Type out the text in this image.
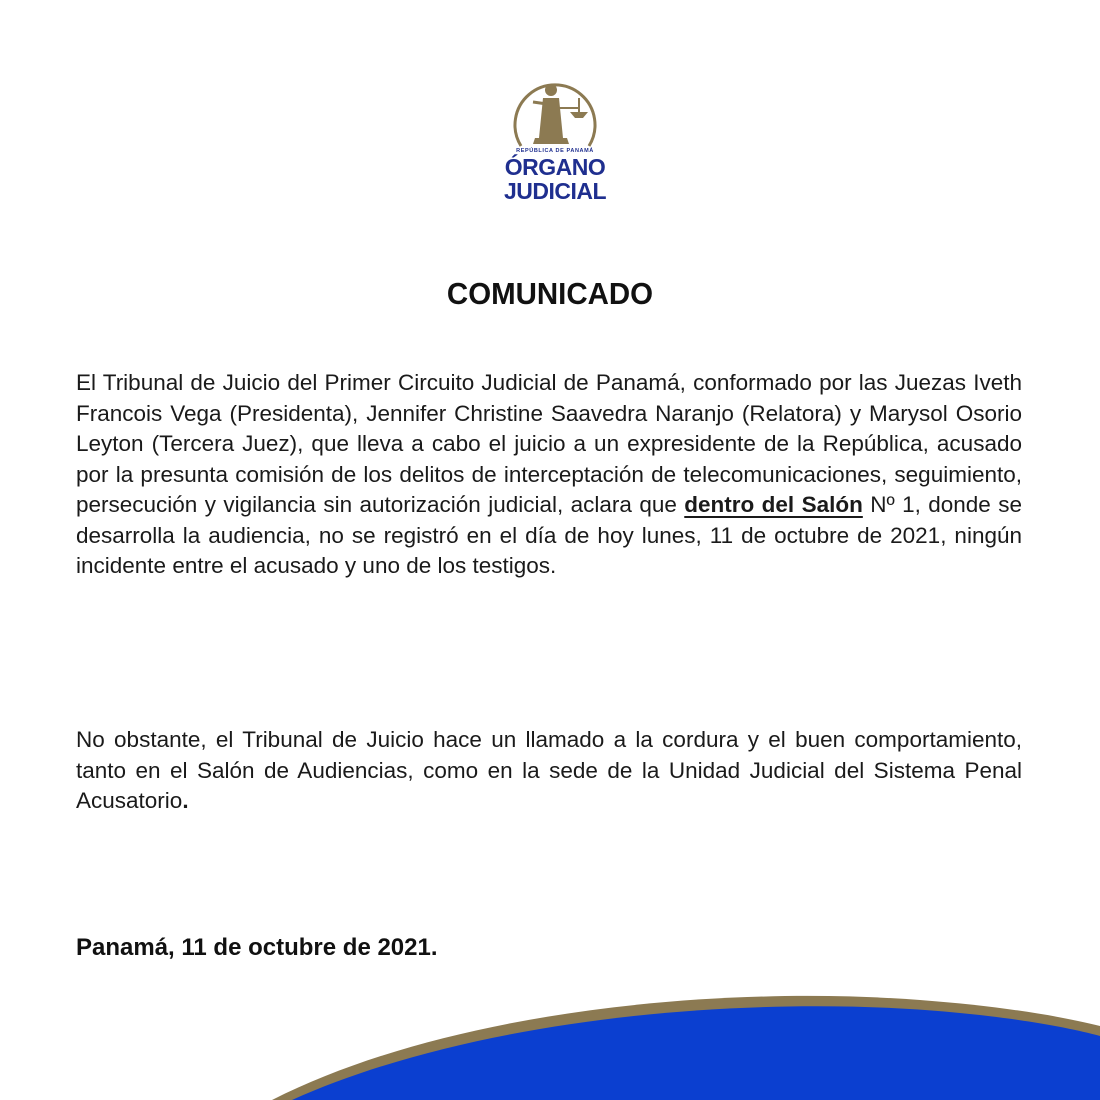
REPÚBLICA DE PANAMÁ
ÓRGANO
JUDICIAL
COMUNICADO

El Tribunal de Juicio del Primer Circuito Judicial de Panamá, conformado por las Juezas Iveth Francois Vega (Presidenta), Jennifer Christine Saavedra Naranjo (Relatora) y Marysol Osorio Leyton (Tercera Juez), que lleva a cabo el juicio a un expresidente de la República, acusado por la presunta comisión de los delitos de interceptación de telecomunicaciones, seguimiento, persecución y vigilancia sin autorización judicial, aclara que dentro del Salón Nº 1, donde se desarrolla la audiencia, no se registró en el día de hoy lunes, 11 de octubre de 2021, ningún incidente entre el acusado y uno de los testigos.

No obstante, el Tribunal de Juicio hace un llamado a la cordura y el buen comportamiento, tanto en el Salón de Audiencias, como en la sede de la Unidad Judicial del Sistema Penal Acusatorio.

Panamá, 11 de octubre de 2021.
